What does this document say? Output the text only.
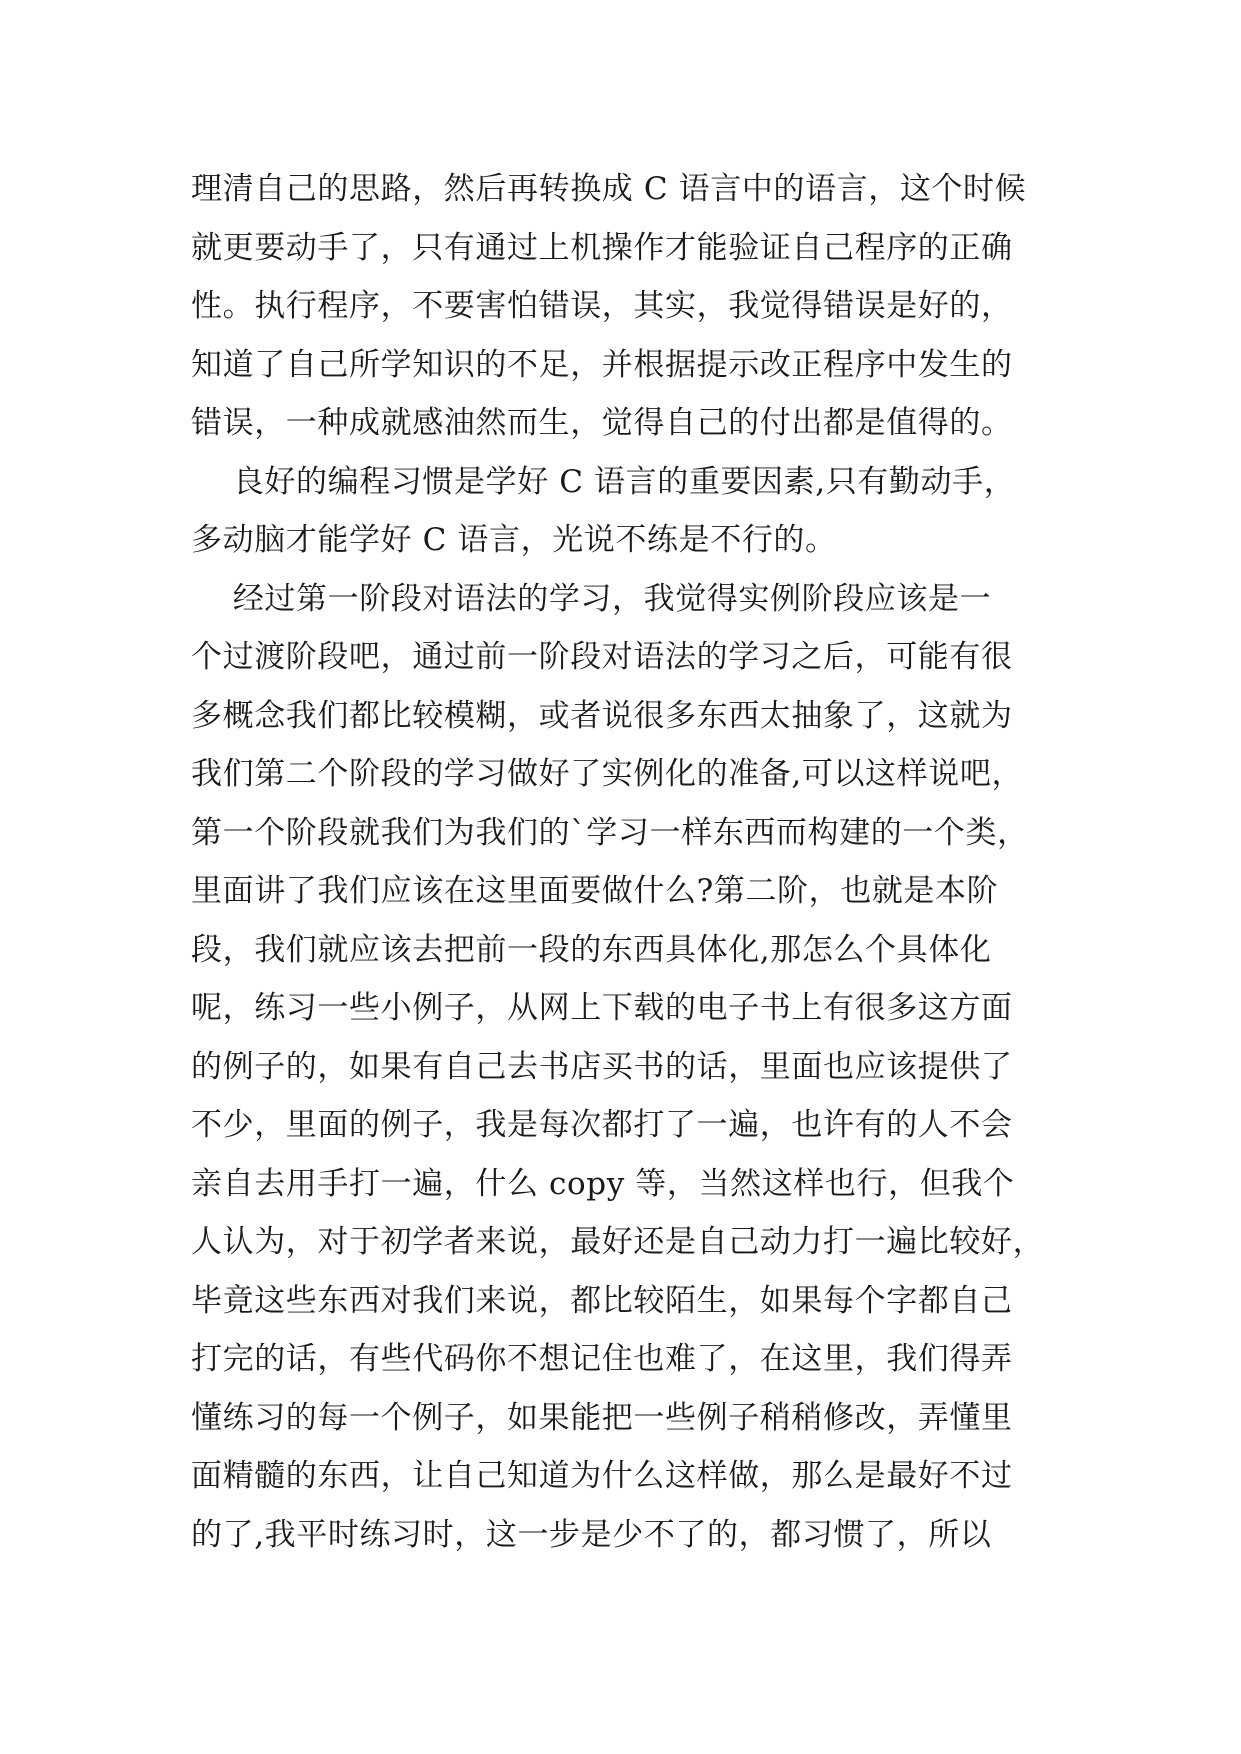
理清自己的思路，然后再转换成 C 语言中的语言，这个时候
就更要动手了，只有通过上机操作才能验证自己程序的正确
性。执行程序，不要害怕错误，其实，我觉得错误是好的，
知道了自己所学知识的不足，并根据提示改正程序中发生的
错误，一种成就感油然而生，觉得自己的付出都是值得的。
良好的编程习惯是学好 C 语言的重要因素,只有勤动手，
多动脑才能学好 C 语言，光说不练是不行的。
经过第一阶段对语法的学习，我觉得实例阶段应该是一
个过渡阶段吧，通过前一阶段对语法的学习之后，可能有很
多概念我们都比较模糊，或者说很多东西太抽象了，这就为
我们第二个阶段的学习做好了实例化的准备,可以这样说吧，
第一个阶段就我们为我们的`学习一样东西而构建的一个类，
里面讲了我们应该在这里面要做什么?第二阶，也就是本阶
段，我们就应该去把前一段的东西具体化,那怎么个具体化
呢，练习一些小例子，从网上下载的电子书上有很多这方面
的例子的，如果有自己去书店买书的话，里面也应该提供了
不少，里面的例子，我是每次都打了一遍，也许有的人不会
亲自去用手打一遍，什么 copy 等，当然这样也行，但我个
人认为，对于初学者来说，最好还是自己动力打一遍比较好，
毕竟这些东西对我们来说，都比较陌生，如果每个字都自己
打完的话，有些代码你不想记住也难了，在这里，我们得弄
懂练习的每一个例子，如果能把一些例子稍稍修改，弄懂里
面精髓的东西，让自己知道为什么这样做，那么是最好不过
的了,我平时练习时，这一步是少不了的，都习惯了，所以
